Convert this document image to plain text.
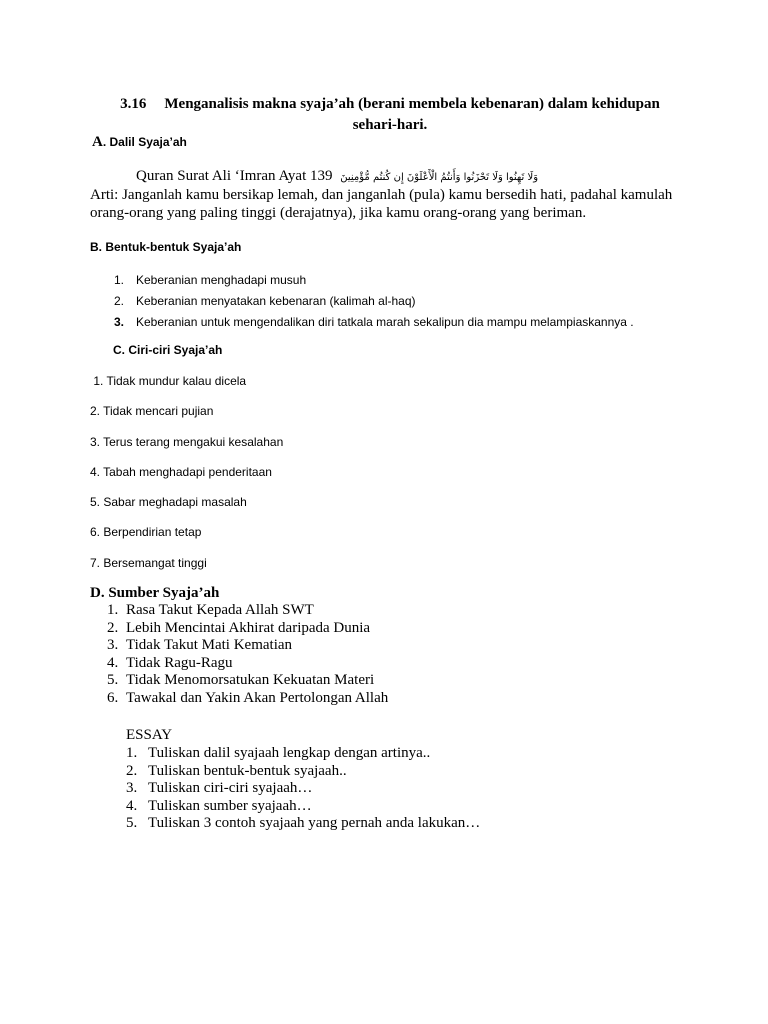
3.16 Menganalisis makna syaja’ah (berani membela kebenaran) dalam kehidupan sehari-hari.
A. Dalil Syaja’ah
Quran Surat Ali ‘Imran Ayat 139 وَلَا تَهِنُوا وَلَا تَحْزَنُوا وَأَنتُمُ الْأَعْلَوْنَ إِن كُنتُم مُّؤْمِنِينَ
Arti: Janganlah kamu bersikap lemah, dan janganlah (pula) kamu bersedih hati, padahal kamulah orang-orang yang paling tinggi (derajatnya), jika kamu orang-orang yang beriman.
B. Bentuk-bentuk Syaja’ah
1. Keberanian menghadapi musuh
2. Keberanian menyatakan kebenaran (kalimah al-haq)
3. Keberanian untuk mengendalikan diri tatkala marah sekalipun dia mampu melampiaskannya .
C. Ciri-ciri Syaja’ah
1. Tidak mundur kalau dicela
2. Tidak mencari pujian
3. Terus terang mengakui kesalahan
4. Tabah menghadapi penderitaan
5. Sabar meghadapi masalah
6. Berpendirian tetap
7. Bersemangat tinggi
D. Sumber Syaja’ah
1. Rasa Takut Kepada Allah SWT
2. Lebih Mencintai Akhirat daripada Dunia
3. Tidak Takut Mati Kematian
4. Tidak Ragu-Ragu
5. Tidak Menomorsatukan Kekuatan Materi
6. Tawakal dan Yakin Akan Pertolongan Allah
ESSAY
1. Tuliskan dalil syajaah lengkap dengan artinya..
2. Tuliskan bentuk-bentuk syajaah..
3. Tuliskan ciri-ciri syajaah…
4. Tuliskan sumber syajaah…
5. Tuliskan 3 contoh syajaah yang pernah anda lakukan…
